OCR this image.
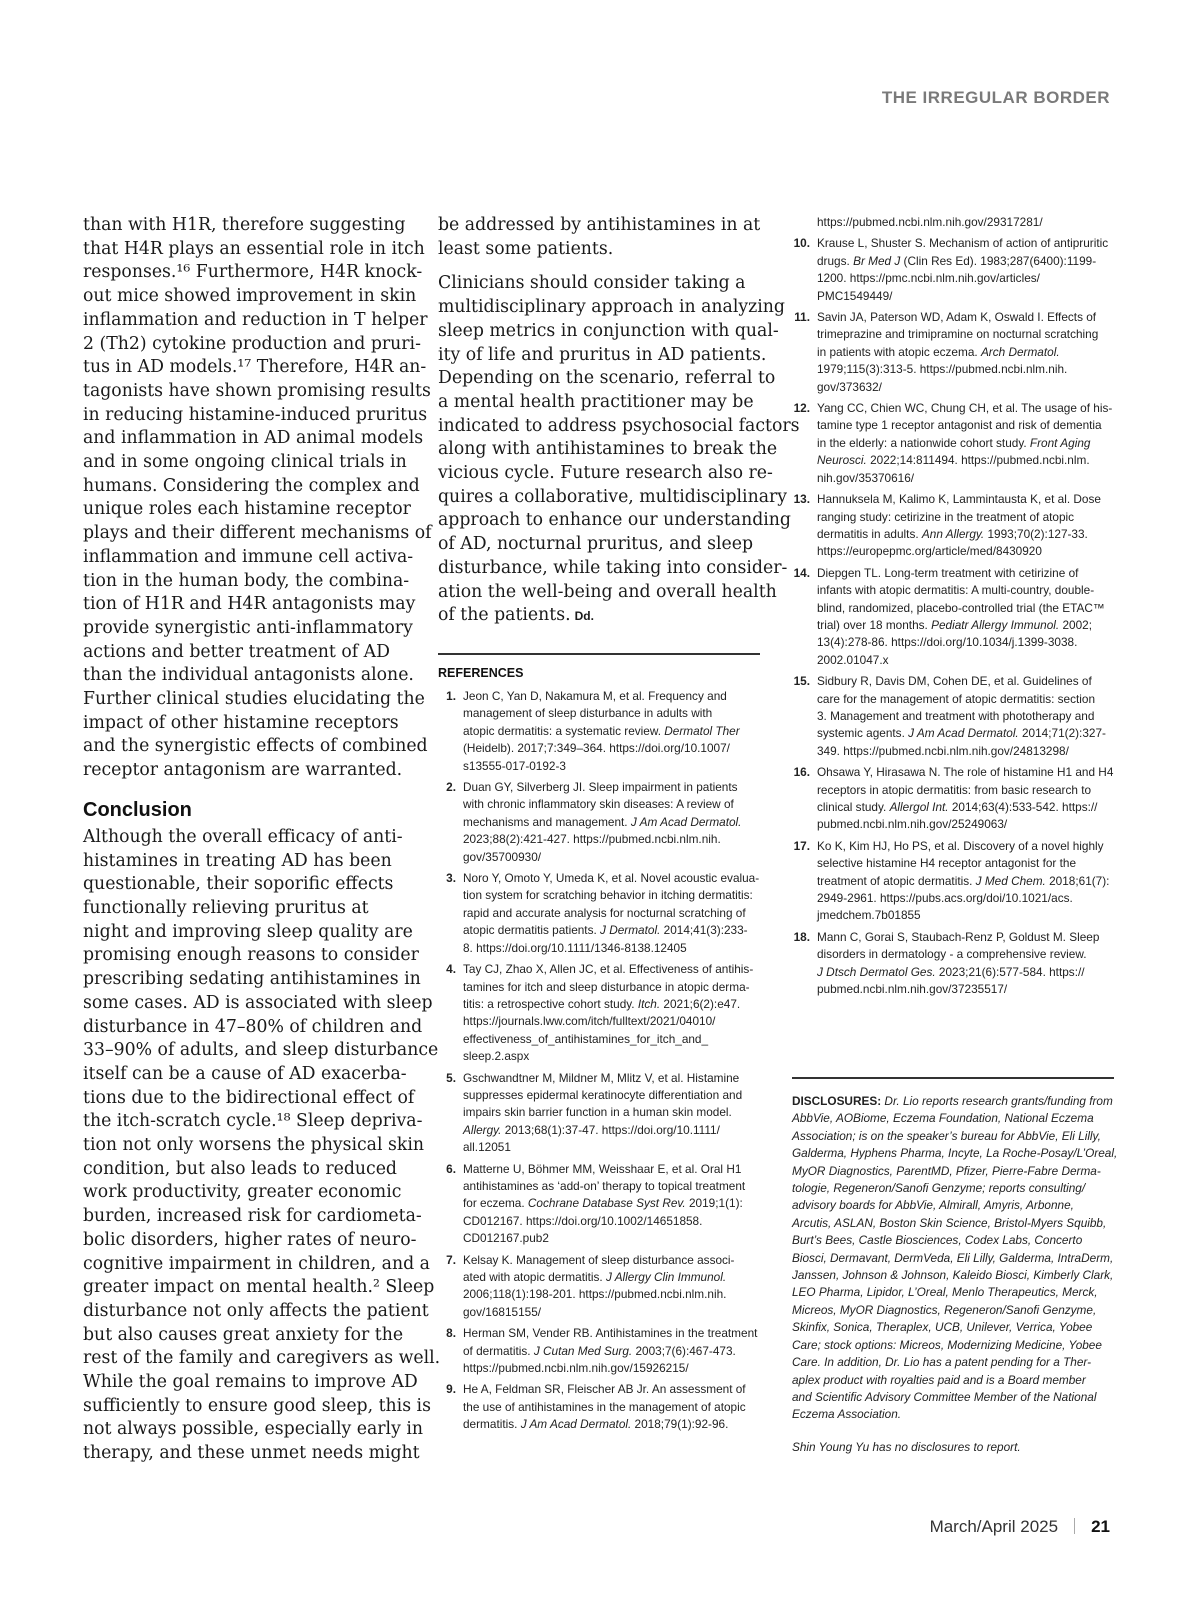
THE IRREGULAR BORDER

than with H1R, therefore suggesting
that H4R plays an essential role in itch
responses.¹⁶ Furthermore, H4R knock-
out mice showed improvement in skin
inflammation and reduction in T helper
2 (Th2) cytokine production and pruri-
tus in AD models.¹⁷ Therefore, H4R an-
tagonists have shown promising results
in reducing histamine-induced pruritus
and inflammation in AD animal models
and in some ongoing clinical trials in
humans. Considering the complex and
unique roles each histamine receptor
plays and their different mechanisms of
inflammation and immune cell activa-
tion in the human body, the combina-
tion of H1R and H4R antagonists may
provide synergistic anti-inflammatory
actions and better treatment of AD
than the individual antagonists alone.
Further clinical studies elucidating the
impact of other histamine receptors
and the synergistic effects of combined
receptor antagonism are warranted.

Conclusion

Although the overall efficacy of anti-
histamines in treating AD has been
questionable, their soporific effects
functionally relieving pruritus at
night and improving sleep quality are
promising enough reasons to consider
prescribing sedating antihistamines in
some cases. AD is associated with sleep
disturbance in 47–80% of children and
33–90% of adults, and sleep disturbance
itself can be a cause of AD exacerba-
tions due to the bidirectional effect of
the itch-scratch cycle.¹⁸ Sleep depriva-
tion not only worsens the physical skin
condition, but also leads to reduced
work productivity, greater economic
burden, increased risk for cardiometa-
bolic disorders, higher rates of neuro-
cognitive impairment in children, and a
greater impact on mental health.² Sleep
disturbance not only affects the patient
but also causes great anxiety for the
rest of the family and caregivers as well.
While the goal remains to improve AD
sufficiently to ensure good sleep, this is
not always possible, especially early in
therapy, and these unmet needs might

be addressed by antihistamines in at
least some patients.

Clinicians should consider taking a
multidisciplinary approach in analyzing
sleep metrics in conjunction with qual-
ity of life and pruritus in AD patients.
Depending on the scenario, referral to
a mental health practitioner may be
indicated to address psychosocial factors
along with antihistamines to break the
vicious cycle. Future research also re-
quires a collaborative, multidisciplinary
approach to enhance our understanding
of AD, nocturnal pruritus, and sleep
disturbance, while taking into consider-
ation the well-being and overall health
of the patients. Dd.

REFERENCES
1. Jeon C, Yan D, Nakamura M, et al. Frequency and
management of sleep disturbance in adults with
atopic dermatitis: a systematic review. Dermatol Ther
(Heidelb). 2017;7:349–364. https://doi.org/10.1007/
s13555-017-0192-3
2. Duan GY, Silverberg JI. Sleep impairment in patients
with chronic inflammatory skin diseases: A review of
mechanisms and management. J Am Acad Dermatol.
2023;88(2):421-427. https://pubmed.ncbi.nlm.nih.
gov/35700930/
3. Noro Y, Omoto Y, Umeda K, et al. Novel acoustic evalua-
tion system for scratching behavior in itching dermatitis:
rapid and accurate analysis for nocturnal scratching of
atopic dermatitis patients. J Dermatol. 2014;41(3):233-
8. https://doi.org/10.1111/1346-8138.12405
4. Tay CJ, Zhao X, Allen JC, et al. Effectiveness of antihis-
tamines for itch and sleep disturbance in atopic derma-
titis: a retrospective cohort study. Itch. 2021;6(2):e47.
https://journals.lww.com/itch/fulltext/2021/04010/
effectiveness_of_antihistamines_for_itch_and_
sleep.2.aspx
5. Gschwandtner M, Mildner M, Mlitz V, et al. Histamine
suppresses epidermal keratinocyte differentiation and
impairs skin barrier function in a human skin model.
Allergy. 2013;68(1):37-47. https://doi.org/10.1111/
all.12051
6. Matterne U, Böhmer MM, Weisshaar E, et al. Oral H1
antihistamines as ‘add-on’ therapy to topical treatment
for eczema. Cochrane Database Syst Rev. 2019;1(1):
CD012167. https://doi.org/10.1002/14651858.
CD012167.pub2
7. Kelsay K. Management of sleep disturbance associ-
ated with atopic dermatitis. J Allergy Clin Immunol.
2006;118(1):198-201. https://pubmed.ncbi.nlm.nih.
gov/16815155/
8. Herman SM, Vender RB. Antihistamines in the treatment
of dermatitis. J Cutan Med Surg. 2003;7(6):467-473.
https://pubmed.ncbi.nlm.nih.gov/15926215/
9. He A, Feldman SR, Fleischer AB Jr. An assessment of
the use of antihistamines in the management of atopic
dermatitis. J Am Acad Dermatol. 2018;79(1):92-96.
https://pubmed.ncbi.nlm.nih.gov/29317281/
10. Krause L, Shuster S. Mechanism of action of antipruritic
drugs. Br Med J (Clin Res Ed). 1983;287(6400):1199-
1200. https://pmc.ncbi.nlm.nih.gov/articles/
PMC1549449/
11. Savin JA, Paterson WD, Adam K, Oswald I. Effects of
trimeprazine and trimipramine on nocturnal scratching
in patients with atopic eczema. Arch Dermatol.
1979;115(3):313-5. https://pubmed.ncbi.nlm.nih.
gov/373632/
12. Yang CC, Chien WC, Chung CH, et al. The usage of his-
tamine type 1 receptor antagonist and risk of dementia
in the elderly: a nationwide cohort study. Front Aging
Neurosci. 2022;14:811494. https://pubmed.ncbi.nlm.
nih.gov/35370616/
13. Hannuksela M, Kalimo K, Lammintausta K, et al. Dose
ranging study: cetirizine in the treatment of atopic
dermatitis in adults. Ann Allergy. 1993;70(2):127-33.
https://europepmc.org/article/med/8430920
14. Diepgen TL. Long-term treatment with cetirizine of
infants with atopic dermatitis: A multi-country, double-
blind, randomized, placebo-controlled trial (the ETAC™
trial) over 18 months. Pediatr Allergy Immunol. 2002;
13(4):278-86. https://doi.org/10.1034/j.1399-3038.
2002.01047.x
15. Sidbury R, Davis DM, Cohen DE, et al. Guidelines of
care for the management of atopic dermatitis: section
3. Management and treatment with phototherapy and
systemic agents. J Am Acad Dermatol. 2014;71(2):327-
349. https://pubmed.ncbi.nlm.nih.gov/24813298/
16. Ohsawa Y, Hirasawa N. The role of histamine H1 and H4
receptors in atopic dermatitis: from basic research to
clinical study. Allergol Int. 2014;63(4):533-542. https://
pubmed.ncbi.nlm.nih.gov/25249063/
17. Ko K, Kim HJ, Ho PS, et al. Discovery of a novel highly
selective histamine H4 receptor antagonist for the
treatment of atopic dermatitis. J Med Chem. 2018;61(7):
2949-2961. https://pubs.acs.org/doi/10.1021/acs.
jmedchem.7b01855
18. Mann C, Gorai S, Staubach-Renz P, Goldust M. Sleep
disorders in dermatology - a comprehensive review.
J Dtsch Dermatol Ges. 2023;21(6):577-584. https://
pubmed.ncbi.nlm.nih.gov/37235517/
DISCLOSURES: Dr. Lio reports research grants/funding from
AbbVie, AOBiome, Eczema Foundation, National Eczema
Association; is on the speaker’s bureau for AbbVie, Eli Lilly,
Galderma, Hyphens Pharma, Incyte, La Roche-Posay/L’Oreal,
MyOR Diagnostics, ParentMD, Pfizer, Pierre-Fabre Derma-
tologie, Regeneron/Sanofi Genzyme; reports consulting/
advisory boards for AbbVie, Almirall, Amyris, Arbonne,
Arcutis, ASLAN, Boston Skin Science, Bristol-Myers Squibb,
Burt’s Bees, Castle Biosciences, Codex Labs, Concerto
Biosci, Dermavant, DermVeda, Eli Lilly, Galderma, IntraDerm,
Janssen, Johnson & Johnson, Kaleido Biosci, Kimberly Clark,
LEO Pharma, Lipidor, L’Oreal, Menlo Therapeutics, Merck,
Micreos, MyOR Diagnostics, Regeneron/Sanofi Genzyme,
Skinfix, Sonica, Theraplex, UCB, Unilever, Verrica, Yobee
Care; stock options: Micreos, Modernizing Medicine, Yobee
Care. In addition, Dr. Lio has a patent pending for a Ther-
aplex product with royalties paid and is a Board member
and Scientific Advisory Committee Member of the National
Eczema Association.
Shin Young Yu has no disclosures to report.
March/April 2025 21
